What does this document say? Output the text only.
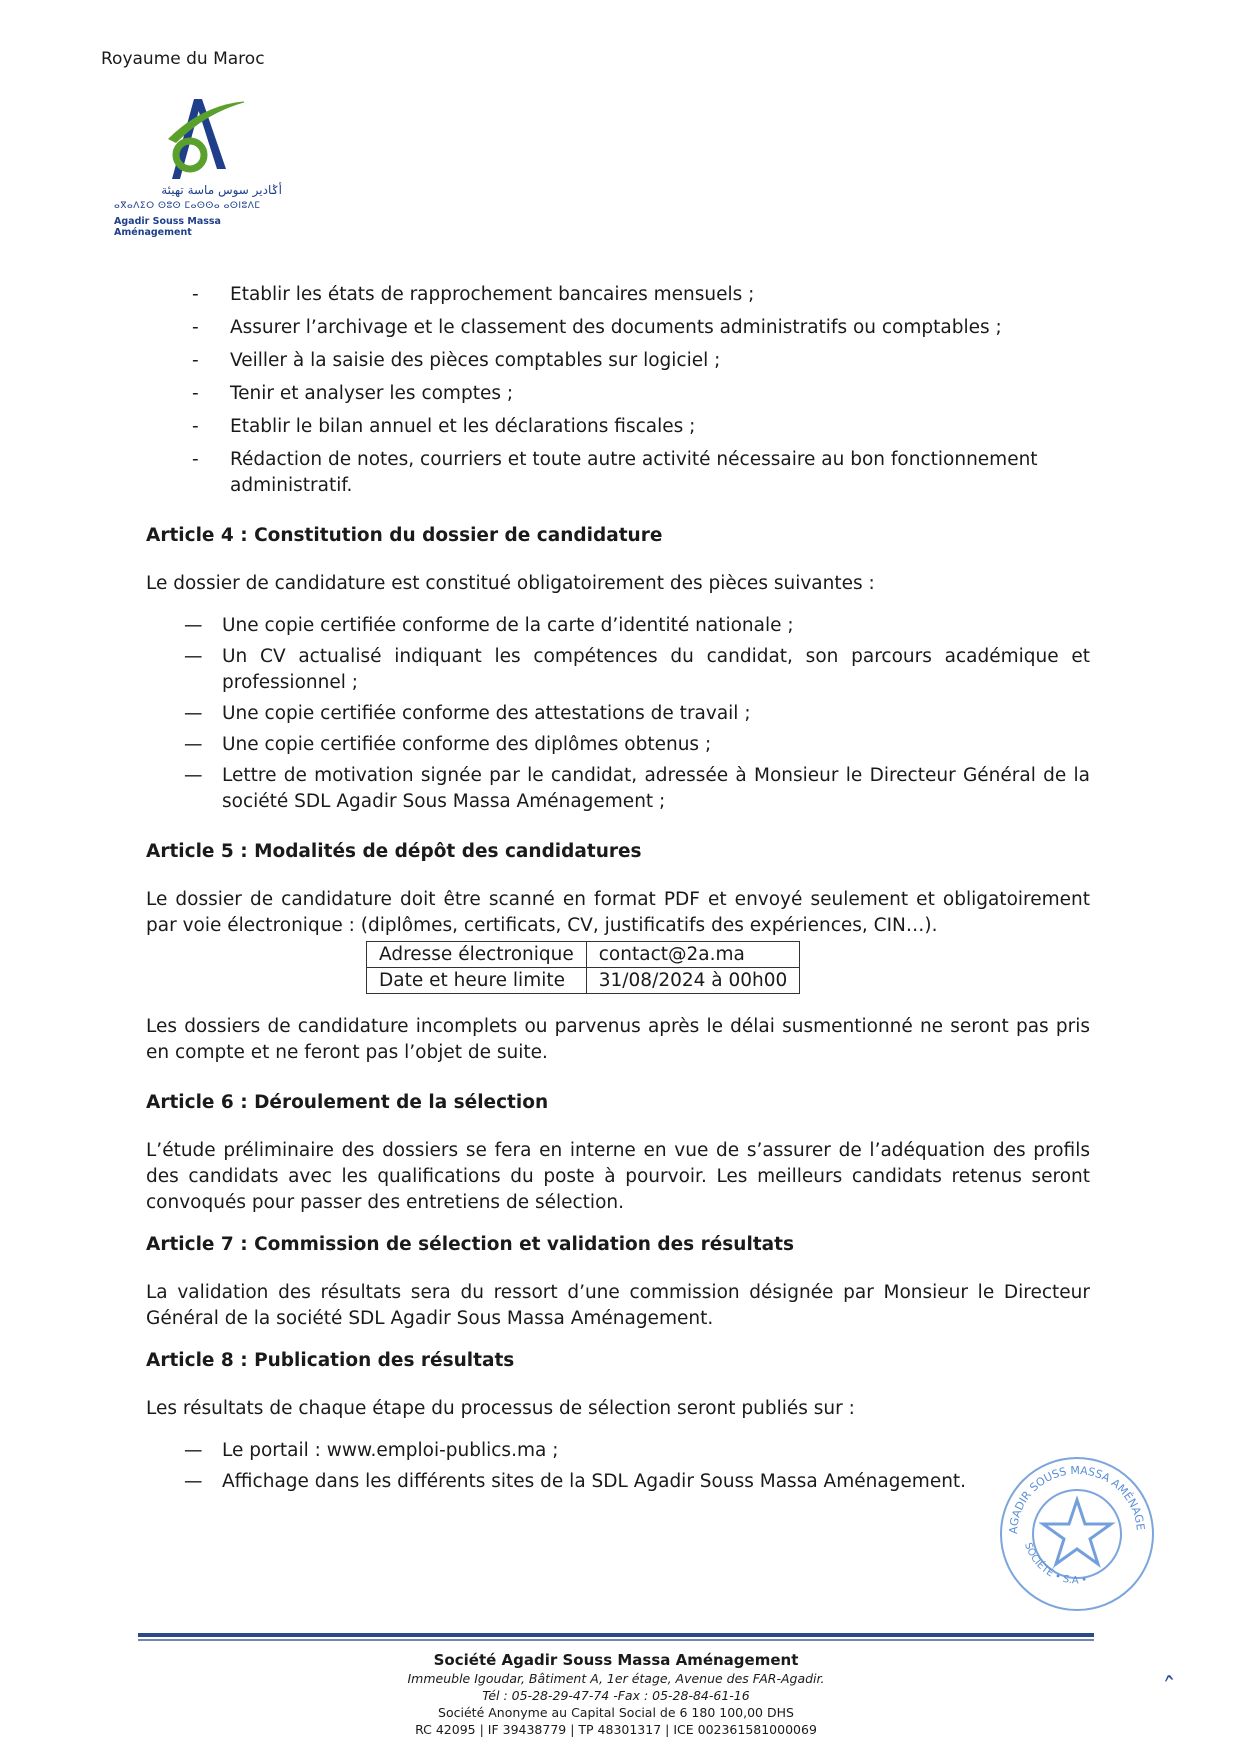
Royaume du Maroc
أݣادير سوس ماسة تهيئة
ⴰⴳⴰⴷⵉⵔ ⵙⵓⵙ ⵎⴰⵙⵙⴰ ⴰⵙⵏⵓⴷⵎ
Agadir Souss Massa Aménagement
- Etablir les états de rapprochement bancaires mensuels ;
- Assurer l’archivage et le classement des documents administratifs ou comptables ;
- Veiller à la saisie des pièces comptables sur logiciel ;
- Tenir et analyser les comptes ;
- Etablir le bilan annuel et les déclarations fiscales ;
- Rédaction de notes, courriers et toute autre activité nécessaire au bon fonctionnement administratif.
Article 4 : Constitution du dossier de candidature

Le dossier de candidature est constitué obligatoirement des pièces suivantes :

— Une copie certifiée conforme de la carte d’identité nationale ;
— Un CV actualisé indiquant les compétences du candidat, son parcours académique et professionnel ;
— Une copie certifiée conforme des attestations de travail ;
— Une copie certifiée conforme des diplômes obtenus ;
— Lettre de motivation signée par le candidat, adressée à Monsieur le Directeur Général de la société SDL Agadir Sous Massa Aménagement ;
Article 5 : Modalités de dépôt des candidatures

Le dossier de candidature doit être scanné en format PDF et envoyé seulement et obligatoirement par voie électronique : (diplômes, certificats, CV, justificatifs des expériences, CIN…).

Adresse électronique	contact@2a.ma
Date et heure limite	31/08/2024 à 00h00

Les dossiers de candidature incomplets ou parvenus après le délai susmentionné ne seront pas pris en compte et ne feront pas l’objet de suite.

Article 6 : Déroulement de la sélection

L’étude préliminaire des dossiers se fera en interne en vue de s’assurer de l’adéquation des profils des candidats avec les qualifications du poste à pourvoir. Les meilleurs candidats retenus seront convoqués pour passer des entretiens de sélection.

Article 7 : Commission de sélection et validation des résultats

La validation des résultats sera du ressort d’une commission désignée par Monsieur le Directeur Général de la société SDL Agadir Sous Massa Aménagement.

Article 8 : Publication des résultats

Les résultats de chaque étape du processus de sélection seront publiés sur :

— Le portail : www.emploi-publics.ma ;
— Affichage dans les différents sites de la SDL Agadir Souss Massa Aménagement.
AGADIR SOUSS MASSA AMÉNAGE
SOCIÉTÉ • S.A •
Société Agadir Souss Massa Aménagement
Immeuble Igoudar, Bâtiment A, 1er étage, Avenue des FAR-Agadir.
Tél : 05-28-29-47-74 -Fax : 05-28-84-61-16
Société Anonyme au Capital Social de 6 180 100,00 DHS
RC 42095 | IF 39438779 | TP 48301317 | ICE 002361581000069
ˆ
